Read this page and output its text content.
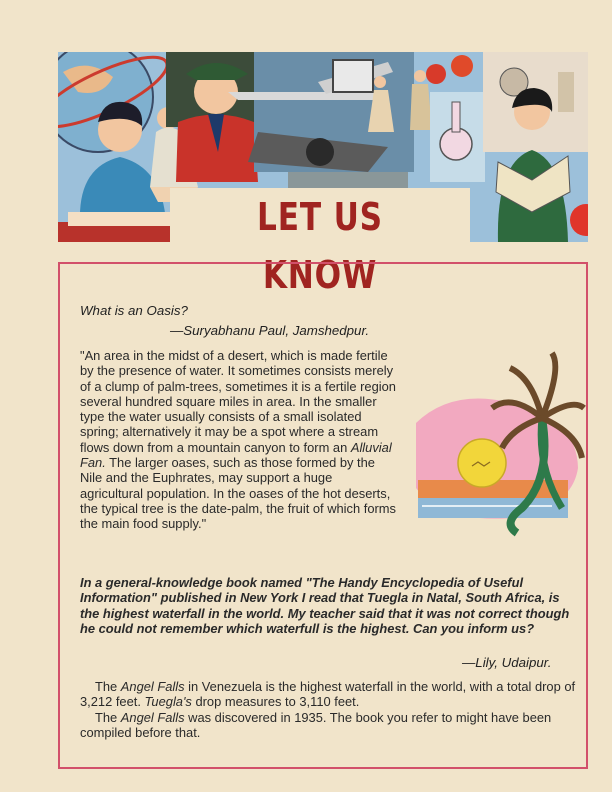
LET US KNOW
What is an Oasis?
—Suryabhanu Paul, Jamshedpur.

"An area in the midst of a desert, which is made fertile by the presence of water. It sometimes consists merely of a clump of palm-trees, sometimes it is a fertile region several hundred square miles in area. In the smaller type the water usually consists of a small isolated spring; alternatively it may be a spot where a stream flows down from a mountain canyon to form an Alluvial Fan. The larger oases, such as those formed by the Nile and the Euphrates, may support a huge agricultural population. In the oases of the hot deserts, the typical tree is the date-palm, the fruit of which forms the main food supply."

In a general-knowledge book named "The Handy Encyclopedia of Useful Information" published in New York I read that Tuegla in Natal, South Africa, is the highest waterfall in the world. My teacher said that it was not correct though he could not remember which waterfull is the highest. Can you inform us?
—Lily, Udaipur.

The Angel Falls in Venezuela is the highest waterfall in the world, with a total drop of 3,212 feet. Tuegla's drop measures to 3,110 feet.

The Angel Falls was discovered in 1935. The book you refer to might have been compiled before that.
